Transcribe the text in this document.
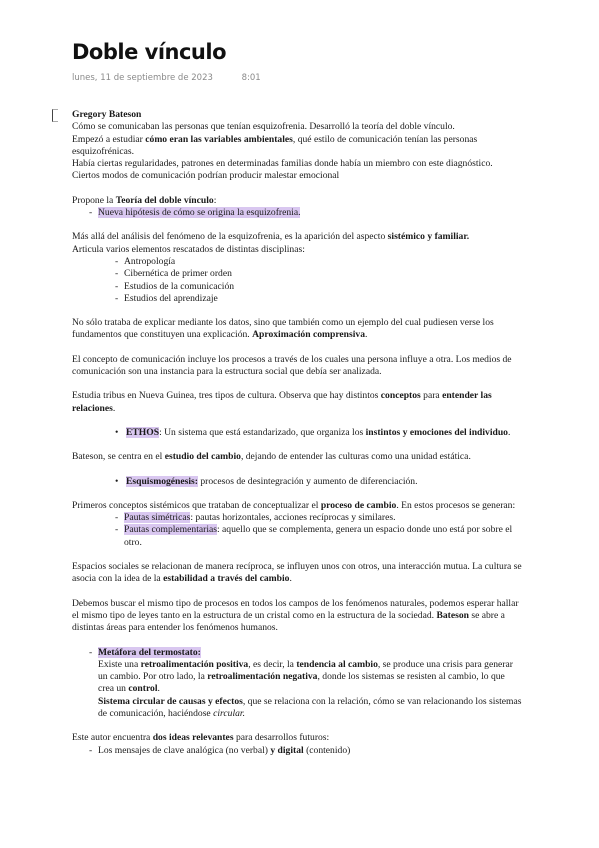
Doble vínculo
lunes, 11 de septiembre de 2023	8:01

Gregory Bateson

Cómo se comunicaban las personas que tenían esquizofrenia. Desarrolló la teoría del doble vínculo.

Empezó a estudiar cómo eran las variables ambientales, qué estilo de comunicación tenían las personas esquizofrénicas.

Había ciertas regularidades, patrones en determinadas familias donde había un miembro con este diagnóstico. Ciertos modos de comunicación podrían producir malestar emocional

Propone la Teoría del doble vínculo:

- Nueva hipótesis de cómo se origina la esquizofrenia.

Más allá del análisis del fenómeno de la esquizofrenia, es la aparición del aspecto sistémico y familiar.

Articula varios elementos rescatados de distintas disciplinas:

- Antropología
- Cibernética de primer orden
- Estudios de la comunicación
- Estudios del aprendizaje

No sólo trataba de explicar mediante los datos, sino que también como un ejemplo del cual pudiesen verse los fundamentos que constituyen una explicación. Aproximación comprensiva.

El concepto de comunicación incluye los procesos a través de los cuales una persona influye a otra. Los medios de comunicación son una instancia para la estructura social que debía ser analizada.

Estudia tribus en Nueva Guinea, tres tipos de cultura. Observa que hay distintos conceptos para entender las relaciones.

• ETHOS: Un sistema que está estandarizado, que organiza los instintos y emociones del individuo.

Bateson, se centra en el estudio del cambio, dejando de entender las culturas como una unidad estática.

• Esquismogénesis: procesos de desintegración y aumento de diferenciación.

Primeros conceptos sistémicos que trataban de conceptualizar el proceso de cambio. En estos procesos se generan:

- Pautas simétricas: pautas horizontales, acciones recíprocas y similares.
- Pautas complementarias: aquello que se complementa, genera un espacio donde uno está por sobre el otro.

Espacios sociales se relacionan de manera recíproca, se influyen unos con otros, una interacción mutua. La cultura se asocia con la idea de la estabilidad a través del cambio.

Debemos buscar el mismo tipo de procesos en todos los campos de los fenómenos naturales, podemos esperar hallar el mismo tipo de leyes tanto en la estructura de un cristal como en la estructura de la sociedad. Bateson se abre a distintas áreas para entender los fenómenos humanos.

- Metáfora del termostato:

Existe una retroalimentación positiva, es decir, la tendencia al cambio, se produce una crisis para generar un cambio. Por otro lado, la retroalimentación negativa, donde los sistemas se resisten al cambio, lo que crea un control.

Sistema circular de causas y efectos, que se relaciona con la relación, cómo se van relacionando los sistemas de comunicación, haciéndose circular.

Este autor encuentra dos ideas relevantes para desarrollos futuros:

- Los mensajes de clave analógica (no verbal) y digital (contenido)
